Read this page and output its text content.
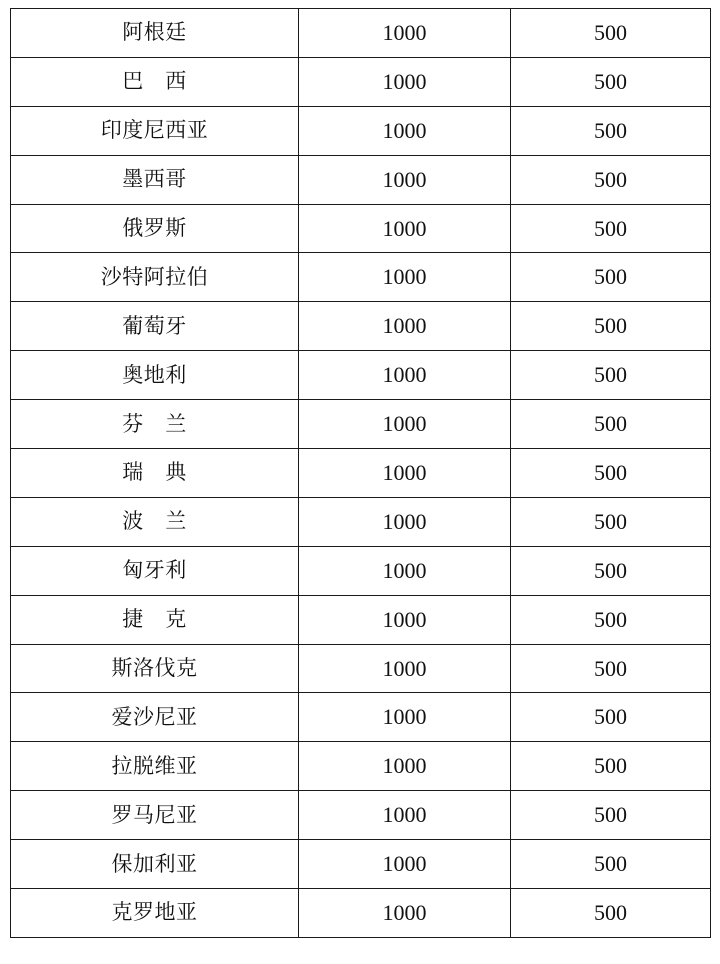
阿根廷	1000	500
巴　西	1000	500
印度尼西亚	1000	500
墨西哥	1000	500
俄罗斯	1000	500
沙特阿拉伯	1000	500
葡萄牙	1000	500
奥地利	1000	500
芬　兰	1000	500
瑞　典	1000	500
波　兰	1000	500
匈牙利	1000	500
捷　克	1000	500
斯洛伐克	1000	500
爱沙尼亚	1000	500
拉脱维亚	1000	500
罗马尼亚	1000	500
保加利亚	1000	500
克罗地亚	1000	500
